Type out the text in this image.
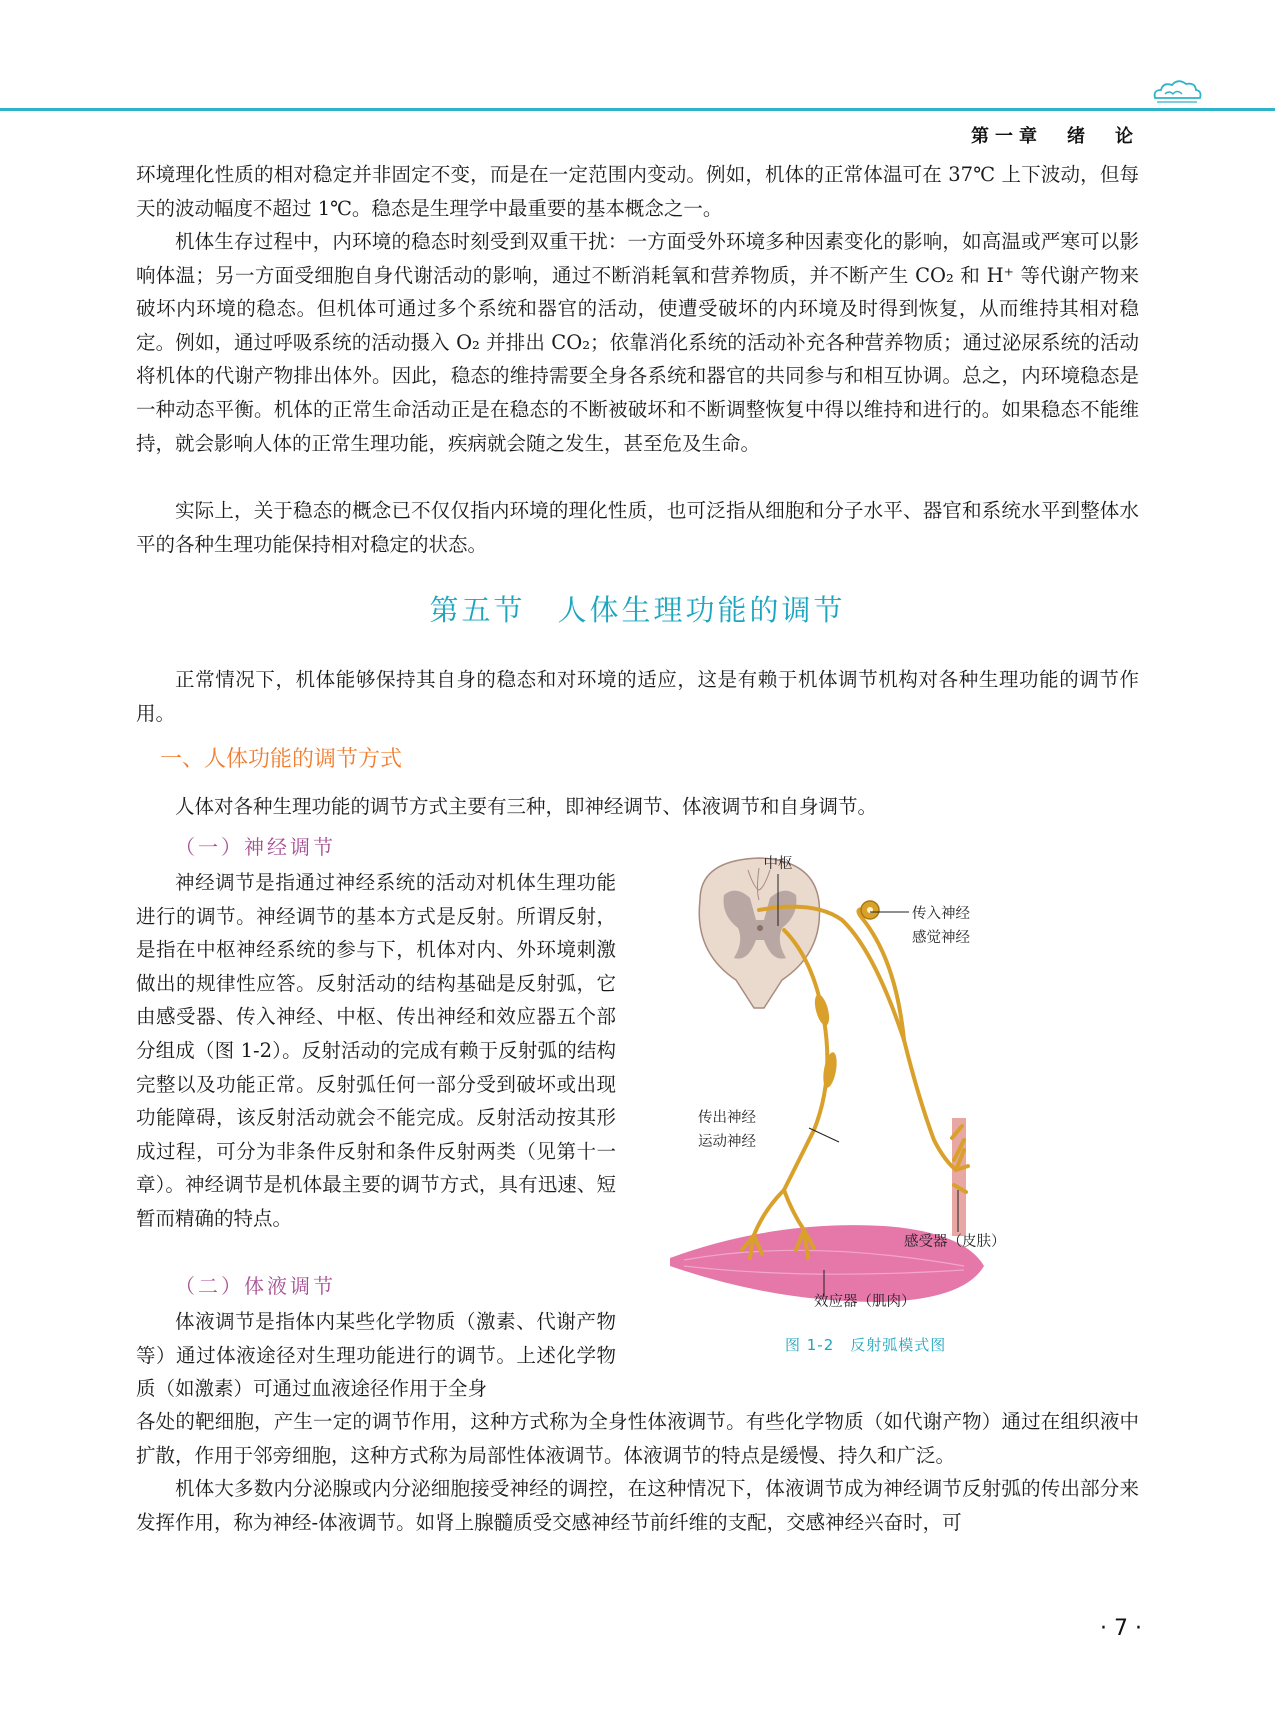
第一章　绪　论

环境理化性质的相对稳定并非固定不变，而是在一定范围内变动。例如，机体的正常体温可在 37℃ 上下波动，但每天的波动幅度不超过 1℃。稳态是生理学中最重要的基本概念之一。

机体生存过程中，内环境的稳态时刻受到双重干扰：一方面受外环境多种因素变化的影响，如高温或严寒可以影响体温；另一方面受细胞自身代谢活动的影响，通过不断消耗氧和营养物质，并不断产生 CO₂ 和 H⁺ 等代谢产物来破坏内环境的稳态。但机体可通过多个系统和器官的活动，使遭受破坏的内环境及时得到恢复，从而维持其相对稳定。例如，通过呼吸系统的活动摄入 O₂ 并排出 CO₂；依靠消化系统的活动补充各种营养物质；通过泌尿系统的活动将机体的代谢产物排出体外。因此，稳态的维持需要全身各系统和器官的共同参与和相互协调。总之，内环境稳态是一种动态平衡。机体的正常生命活动正是在稳态的不断被破坏和不断调整恢复中得以维持和进行的。如果稳态不能维持，就会影响人体的正常生理功能，疾病就会随之发生，甚至危及生命。

实际上，关于稳态的概念已不仅仅指内环境的理化性质，也可泛指从细胞和分子水平、器官和系统水平到整体水平的各种生理功能保持相对稳定的状态。

第五节　人体生理功能的调节

正常情况下，机体能够保持其自身的稳态和对环境的适应，这是有赖于机体调节机构对各种生理功能的调节作用。

一、人体功能的调节方式

人体对各种生理功能的调节方式主要有三种，即神经调节、体液调节和自身调节。

（一）神经调节

神经调节是指通过神经系统的活动对机体生理功能进行的调节。神经调节的基本方式是反射。所谓反射，是指在中枢神经系统的参与下，机体对内、外环境刺激做出的规律性应答。反射活动的结构基础是反射弧，它由感受器、传入神经、中枢、传出神经和效应器五个部分组成（图 1-2）。反射活动的完成有赖于反射弧的结构完整以及功能正常。反射弧任何一部分受到破坏或出现功能障碍，该反射活动就会不能完成。反射活动按其形成过程，可分为非条件反射和条件反射两类（见第十一章）。神经调节是机体最主要的调节方式，具有迅速、短暂而精确的特点。

（二）体液调节

体液调节是指体内某些化学物质（激素、代谢产物等）通过体液途径对生理功能进行的调节。上述化学物质（如激素）可通过血液途径作用于全身

各处的靶细胞，产生一定的调节作用，这种方式称为全身性体液调节。有些化学物质（如代谢产物）通过在组织液中扩散，作用于邻旁细胞，这种方式称为局部性体液调节。体液调节的特点是缓慢、持久和广泛。

机体大多数内分泌腺或内分泌细胞接受神经的调控，在这种情况下，体液调节成为神经调节反射弧的传出部分来发挥作用，称为神经-体液调节。如肾上腺髓质受交感神经节前纤维的支配，交感神经兴奋时，可

中枢
传入神经
感觉神经
传出神经
运动神经
感受器（皮肤）
效应器（肌肉）
图 1-2　反射弧模式图
· 7 ·
